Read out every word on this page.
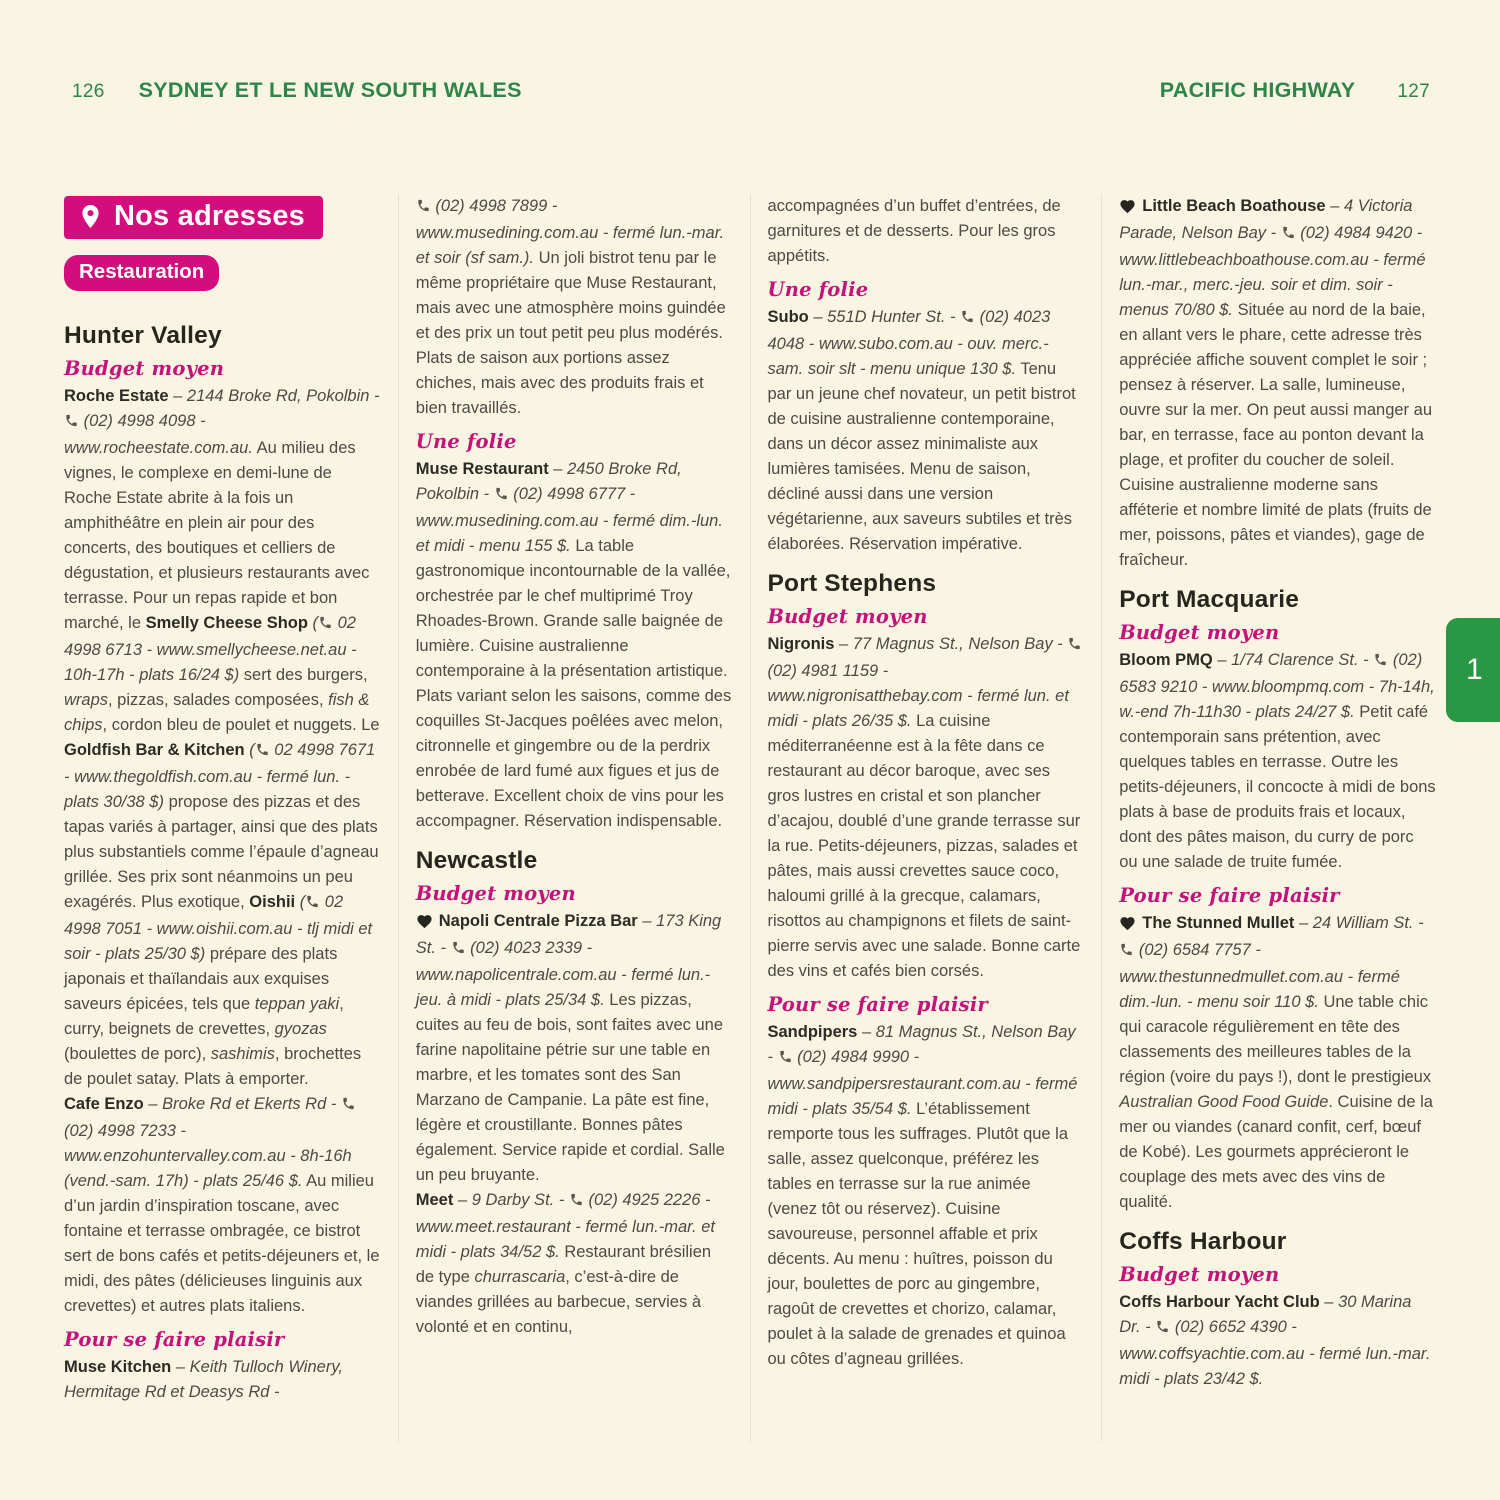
126 SYDNEY ET LE NEW SOUTH WALES	PACIFIC HIGHWAY 127
Nos adresses
Restauration
Hunter Valley
Budget moyen

Roche Estate – 2144 Broke Rd, Pokolbin -  (02) 4998 4098 - www.rocheestate.com.au. Au milieu des vignes, le complexe en demi-lune de Roche Estate abrite à la fois un amphithéâtre en plein air pour des concerts, des boutiques et celliers de dégustation, et plusieurs restaurants avec terrasse. Pour un repas rapide et bon marché, le Smelly Cheese Shop ( 02 4998 6713 - www.smellycheese.net.au - 10h-17h - plats 16/24 $) sert des burgers, wraps, pizzas, salades composées, fish & chips, cordon bleu de poulet et nuggets. Le Goldfish Bar & Kitchen ( 02 4998 7671 - www.thegoldfish.com.au - fermé lun. - plats 30/38 $) propose des pizzas et des tapas variés à partager, ainsi que des plats plus substantiels comme l’épaule d’agneau grillée. Ses prix sont néanmoins un peu exagérés. Plus exotique, Oishii ( 02 4998 7051 - www.oishii.com.au - tlj midi et soir - plats 25/30 $) prépare des plats japonais et thaïlandais aux exquises saveurs épicées, tels que teppan yaki, curry, beignets de crevettes, gyozas (boulettes de porc), sashimis, brochettes de poulet satay. Plats à emporter.

Cafe Enzo – Broke Rd et Ekerts Rd -  (02) 4998 7233 - www.enzohuntervalley.com.au - 8h-16h (vend.-sam. 17h) - plats 25/46 $. Au milieu d’un jardin d’inspiration toscane, avec fontaine et terrasse ombragée, ce bistrot sert de bons cafés et petits-déjeuners et, le midi, des pâtes (délicieuses linguinis aux crevettes) et autres plats italiens.

Pour se faire plaisir

Muse Kitchen – Keith Tulloch Winery, Hermitage Rd et Deasys Rd -

(02) 4998 7899 - www.musedining.com.au - fermé lun.-mar. et soir (sf sam.). Un joli bistrot tenu par le même propriétaire que Muse Restaurant, mais avec une atmosphère moins guindée et des prix un tout petit peu plus modérés. Plats de saison aux portions assez chiches, mais avec des produits frais et bien travaillés.

Une folie

Muse Restaurant – 2450 Broke Rd, Pokolbin -  (02) 4998 6777 - www.musedining.com.au - fermé dim.-lun. et midi - menu 155 $. La table gastronomique incontournable de la vallée, orchestrée par le chef multiprimé Troy Rhoades-Brown. Grande salle baignée de lumière. Cuisine australienne contemporaine à la présentation artistique. Plats variant selon les saisons, comme des coquilles St-Jacques poêlées avec melon, citronnelle et gingembre ou de la perdrix enrobée de lard fumé aux figues et jus de betterave. Excellent choix de vins pour les accompagner. Réservation indispensable.

Newcastle
Budget moyen

Napoli Centrale Pizza Bar – 173 King St. -  (02) 4023 2339 - www.napolicentrale.com.au - fermé lun.-jeu. à midi - plats 25/34 $. Les pizzas, cuites au feu de bois, sont faites avec une farine napolitaine pétrie sur une table en marbre, et les tomates sont des San Marzano de Campanie. La pâte est fine, légère et croustillante. Bonnes pâtes également. Service rapide et cordial. Salle un peu bruyante.

Meet – 9 Darby St. -  (02) 4925 2226 - www.meet.restaurant - fermé lun.-mar. et midi - plats 34/52 $. Restaurant brésilien de type churrascaria, c’est-à-dire de viandes grillées au barbecue, servies à volonté et en continu,

accompagnées d’un buffet d’entrées, de garnitures et de desserts. Pour les gros appétits.

Une folie

Subo – 551D Hunter St. -  (02) 4023 4048 - www.subo.com.au - ouv. merc.-sam. soir slt - menu unique 130 $. Tenu par un jeune chef novateur, un petit bistrot de cuisine australienne contemporaine, dans un décor assez minimaliste aux lumières tamisées. Menu de saison, décliné aussi dans une version végétarienne, aux saveurs subtiles et très élaborées. Réservation impérative.

Port Stephens
Budget moyen

Nigronis – 77 Magnus St., Nelson Bay -  (02) 4981 1159 - www.nigronisatthebay.com - fermé lun. et midi - plats 26/35 $. La cuisine méditerranéenne est à la fête dans ce restaurant au décor baroque, avec ses gros lustres en cristal et son plancher d’acajou, doublé d’une grande terrasse sur la rue. Petits-déjeuners, pizzas, salades et pâtes, mais aussi crevettes sauce coco, haloumi grillé à la grecque, calamars, risottos au champignons et filets de saint-pierre servis avec une salade. Bonne carte des vins et cafés bien corsés.

Pour se faire plaisir

Sandpipers – 81 Magnus St., Nelson Bay -  (02) 4984 9990 - www.sandpipersrestaurant.com.au - fermé midi - plats 35/54 $. L’établissement remporte tous les suffrages. Plutôt que la salle, assez quelconque, préférez les tables en terrasse sur la rue animée (venez tôt ou réservez). Cuisine savoureuse, personnel affable et prix décents. Au menu : huîtres, poisson du jour, boulettes de porc au gingembre, ragoût de crevettes et chorizo, calamar, poulet à la salade de grenades et quinoa ou côtes d’agneau grillées.

Little Beach Boathouse – 4 Victoria Parade, Nelson Bay -  (02) 4984 9420 - www.littlebeachboathouse.com.au - fermé lun.-mar., merc.-jeu. soir et dim. soir - menus 70/80 $. Située au nord de la baie, en allant vers le phare, cette adresse très appréciée affiche souvent complet le soir ; pensez à réserver. La salle, lumineuse, ouvre sur la mer. On peut aussi manger au bar, en terrasse, face au ponton devant la plage, et profiter du coucher de soleil. Cuisine australienne moderne sans afféterie et nombre limité de plats (fruits de mer, poissons, pâtes et viandes), gage de fraîcheur.

Port Macquarie
Budget moyen

Bloom PMQ – 1/74 Clarence St. -  (02) 6583 9210 - www.bloompmq.com - 7h-14h, w.-end 7h-11h30 - plats 24/27 $. Petit café contemporain sans prétention, avec quelques tables en terrasse. Outre les petits-déjeuners, il concocte à midi de bons plats à base de produits frais et locaux, dont des pâtes maison, du curry de porc ou une salade de truite fumée.

Pour se faire plaisir

The Stunned Mullet – 24 William St. -  (02) 6584 7757 - www.thestunnedmullet.com.au - fermé dim.-lun. - menu soir 110 $. Une table chic qui caracole régulièrement en tête des classements des meilleures tables de la région (voire du pays !), dont le prestigieux Australian Good Food Guide. Cuisine de la mer ou viandes (canard confit, cerf, bœuf de Kobé). Les gourmets apprécieront le couplage des mets avec des vins de qualité.

Coffs Harbour
Budget moyen

Coffs Harbour Yacht Club – 30 Marina Dr. -  (02) 6652 4390 - www.coffsyachtie.com.au - fermé lun.-mar. midi - plats 23/42 $.

1
